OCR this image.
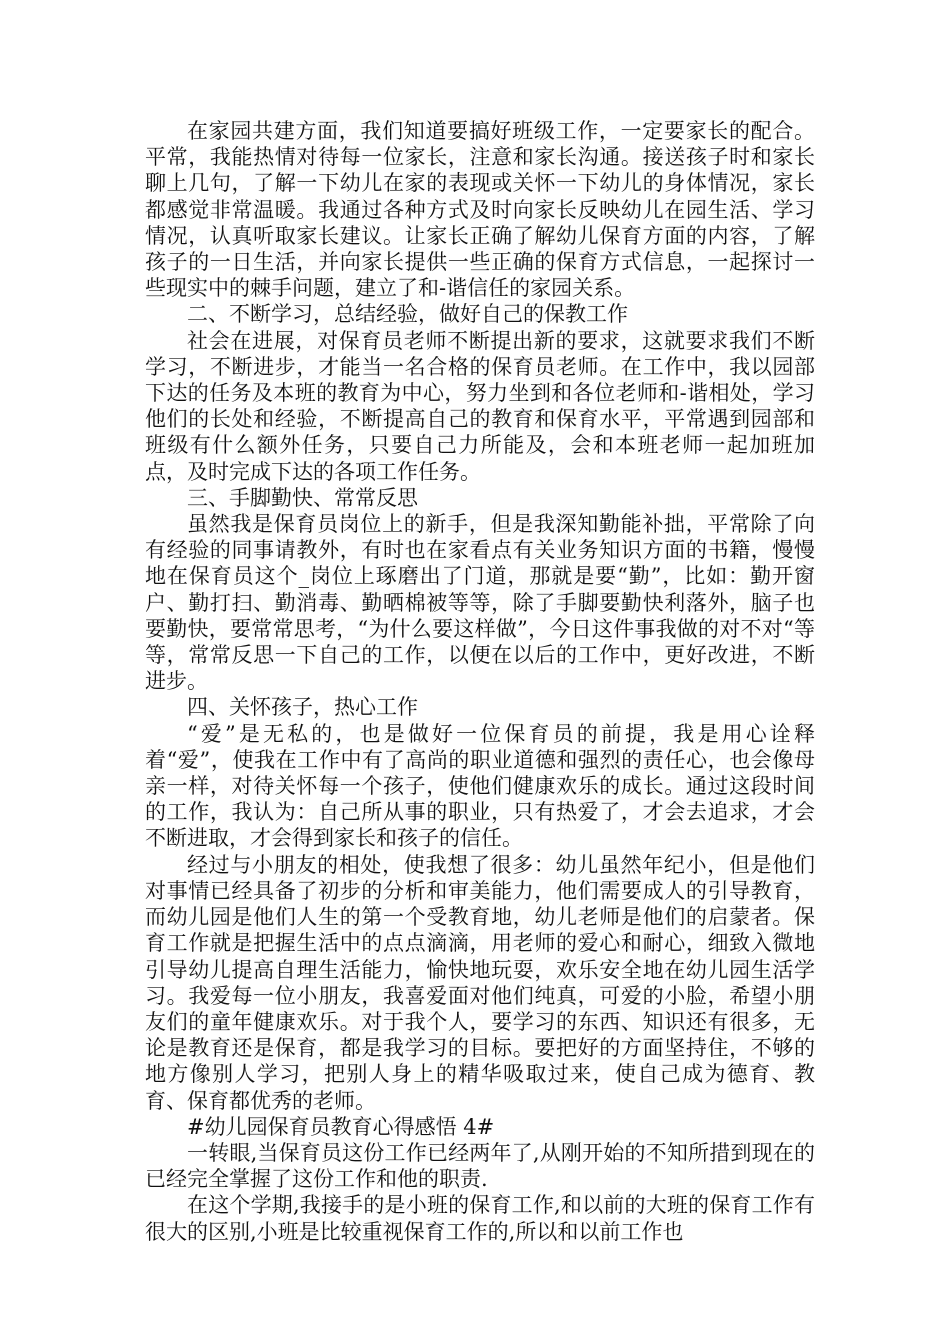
在家园共建方面，我们知道要搞好班级工作，一定要家长的配合。平常，我能热情对待每一位家长，注意和家长沟通。接送孩子时和家长聊上几句，了解一下幼儿在家的表现或关怀一下幼儿的身体情况，家长都感觉非常温暖。我通过各种方式及时向家长反映幼儿在园生活、学习情况，认真听取家长建议。让家长正确了解幼儿保育方面的内容，了解孩子的一日生活，并向家长提供一些正确的保育方式信息，一起探讨一些现实中的棘手问题，建立了和-谐信任的家园关系。

二、不断学习，总结经验，做好自己的保教工作

社会在进展，对保育员老师不断提出新的要求，这就要求我们不断学习，不断进步，才能当一名合格的保育员老师。在工作中，我以园部下达的任务及本班的教育为中心，努力坐到和各位老师和-谐相处，学习他们的长处和经验，不断提高自己的教育和保育水平，平常遇到园部和班级有什么额外任务，只要自己力所能及，会和本班老师一起加班加点，及时完成下达的各项工作任务。

三、手脚勤快、常常反思

虽然我是保育员岗位上的新手，但是我深知勤能补拙，平常除了向有经验的同事请教外，有时也在家看点有关业务知识方面的书籍，慢慢地在保育员这个_岗位上琢磨出了门道，那就是要“勤”，比如：勤开窗户、勤打扫、勤消毒、勤晒棉被等等，除了手脚要勤快利落外，脑子也要勤快，要常常思考，“为什么要这样做”，今日这件事我做的对不对“等等，常常反思一下自己的工作，以便在以后的工作中，更好改进，不断进步。

四、关怀孩子，热心工作

“爱”是无私的，也是做好一位保育员的前提，我是用心诠释着“爱”，使我在工作中有了高尚的职业道德和强烈的责任心，也会像母亲一样，对待关怀每一个孩子，使他们健康欢乐的成长。通过这段时间的工作，我认为：自己所从事的职业，只有热爱了，才会去追求，才会不断进取，才会得到家长和孩子的信任。

经过与小朋友的相处，使我想了很多：幼儿虽然年纪小，但是他们对事情已经具备了初步的分析和审美能力，他们需要成人的引导教育，而幼儿园是他们人生的第一个受教育地，幼儿老师是他们的启蒙者。保育工作就是把握生活中的点点滴滴，用老师的爱心和耐心，细致入微地引导幼儿提高自理生活能力，愉快地玩耍，欢乐安全地在幼儿园生活学习。我爱每一位小朋友，我喜爱面对他们纯真，可爱的小脸，希望小朋友们的童年健康欢乐。对于我个人，要学习的东西、知识还有很多，无论是教育还是保育，都是我学习的目标。要把好的方面坚持住，不够的地方像别人学习，把别人身上的精华吸取过来，使自己成为德育、教育、保育都优秀的老师。

#幼儿园保育员教育心得感悟 4#

一转眼,当保育员这份工作已经两年了,从刚开始的不知所措到现在的已经完全掌握了这份工作和他的职责.

在这个学期,我接手的是小班的保育工作,和以前的大班的保育工作有很大的区别,小班是比较重视保育工作的,所以和以前工作也
